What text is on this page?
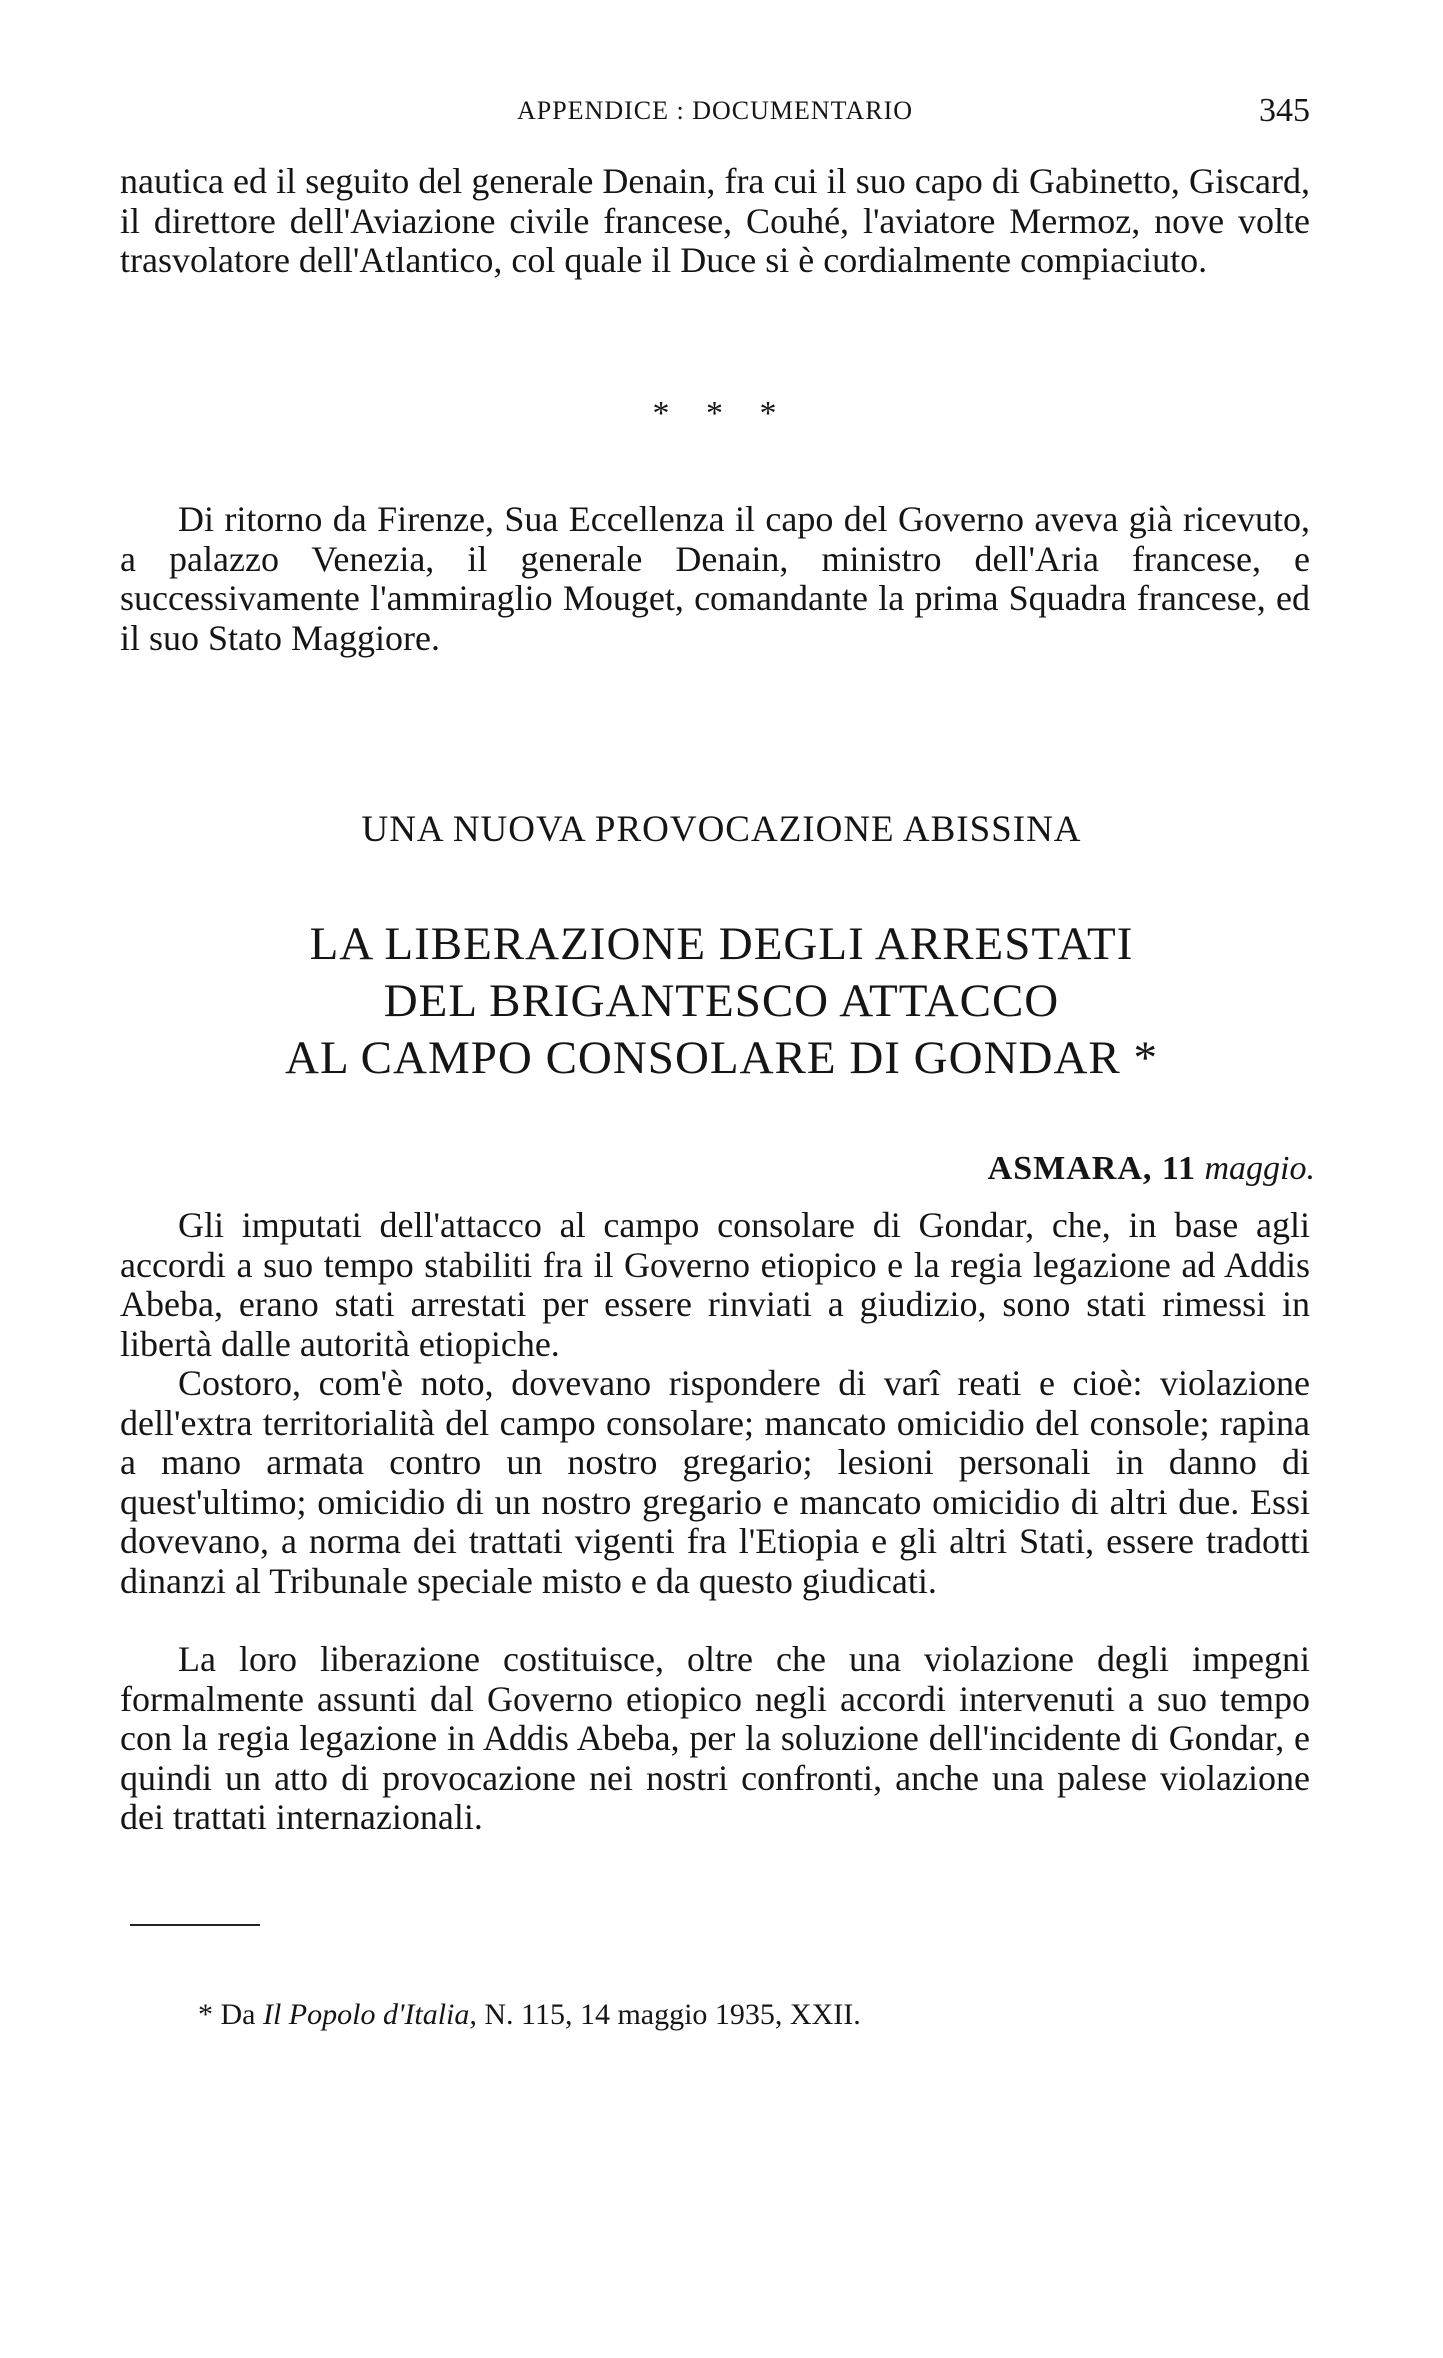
APPENDICE : DOCUMENTARIO	345

nautica ed il seguito del generale Denain, fra cui il suo capo di Gabinetto, Giscard, il direttore dell'Aviazione civile francese, Couhé, l'aviatore Mermoz, nove volte trasvolatore dell'Atlantico, col quale il Duce si è cordialmente compiaciuto.

* * *

Di ritorno da Firenze, Sua Eccellenza il capo del Governo aveva già ricevuto, a palazzo Venezia, il generale Denain, ministro dell'Aria francese, e successivamente l'ammiraglio Mouget, comandante la prima Squadra francese, ed il suo Stato Maggiore.

UNA NUOVA PROVOCAZIONE ABISSINA
LA LIBERAZIONE DEGLI ARRESTATI
DEL BRIGANTESCO ATTACCO
AL CAMPO CONSOLARE DI GONDAR *
ASMARA, 11 maggio.

Gli imputati dell'attacco al campo consolare di Gondar, che, in base agli accordi a suo tempo stabiliti fra il Governo etiopico e la regia legazione ad Addis Abeba, erano stati arrestati per essere rinviati a giudizio, sono stati rimessi in libertà dalle autorità etiopiche.

Costoro, com'è noto, dovevano rispondere di varî reati e cioè: violazione dell'extra territorialità del campo consolare; mancato omicidio del console; rapina a mano armata contro un nostro gregario; lesioni personali in danno di quest'ultimo; omicidio di un nostro gregario e mancato omicidio di altri due. Essi dovevano, a norma dei trattati vigenti fra l'Etiopia e gli altri Stati, essere tradotti dinanzi al Tribunale speciale misto e da questo giudicati.

La loro liberazione costituisce, oltre che una violazione degli impegni formalmente assunti dal Governo etiopico negli accordi intervenuti a suo tempo con la regia legazione in Addis Abeba, per la soluzione dell'incidente di Gondar, e quindi un atto di provocazione nei nostri confronti, anche una palese violazione dei trattati internazionali.

* Da Il Popolo d'Italia, N. 115, 14 maggio 1935, XXII.
